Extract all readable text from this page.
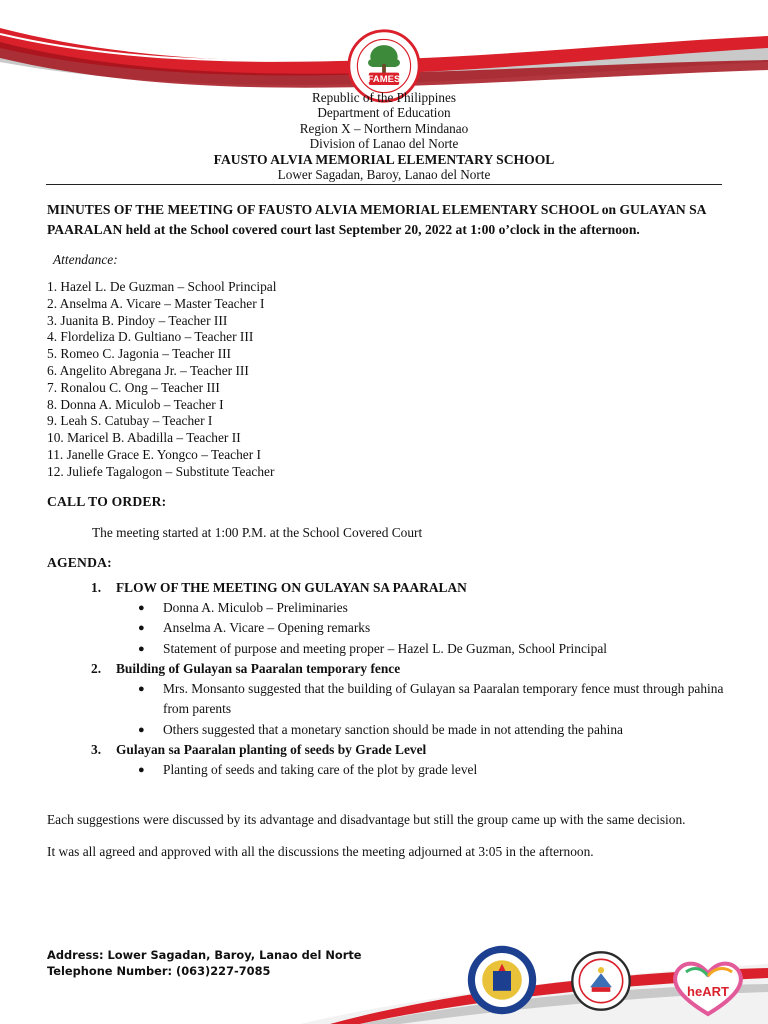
FAMES
Republic of the Philippines
Department of Education
Region X – Northern Mindanao
Division of Lanao del Norte
FAUSTO ALVIA MEMORIAL ELEMENTARY SCHOOL
Lower Sagadan, Baroy, Lanao del Norte

MINUTES OF THE MEETING OF FAUSTO ALVIA MEMORIAL ELEMENTARY SCHOOL on GULAYAN SA PAARALAN held at the School covered court last September 20, 2022 at 1:00 o’clock in the afternoon.

Attendance:
1. Hazel L. De Guzman – School Principal
2. Anselma A. Vicare – Master Teacher I
3. Juanita B. Pindoy – Teacher III
4. Flordeliza D. Gultiano – Teacher III
5. Romeo C. Jagonia – Teacher III
6. Angelito Abregana Jr. – Teacher III
7. Ronalou C. Ong – Teacher III
8. Donna A. Miculob – Teacher I
9. Leah S. Catubay – Teacher I
10. Maricel B. Abadilla – Teacher II
11. Janelle Grace E. Yongco – Teacher I
12. Juliefe Tagalogon – Substitute Teacher
CALL TO ORDER:
The meeting started at 1:00 P.M. at the School Covered Court
AGENDA:
1. FLOW OF THE MEETING ON GULAYAN SA PAARALAN
● Donna A. Miculob – Preliminaries
● Anselma A. Vicare – Opening remarks
● Statement of purpose and meeting proper – Hazel L. De Guzman, School Principal
2. Building of Gulayan sa Paaralan temporary fence
● Mrs. Monsanto suggested that the building of Gulayan sa Paaralan temporary fence must through pahina from parents
● Others suggested that a monetary sanction should be made in not attending the pahina
3. Gulayan sa Paaralan planting of seeds by Grade Level
● Planting of seeds and taking care of the plot by grade level

Each suggestions were discussed by its advantage and disadvantage but still the group came up with the same decision.

It was all agreed and approved with all the discussions the meeting adjourned at 3:05 in the afternoon.

Address: Lower Sagadan, Baroy, Lanao del Norte
Telephone Number: (063)227-7085
heART
